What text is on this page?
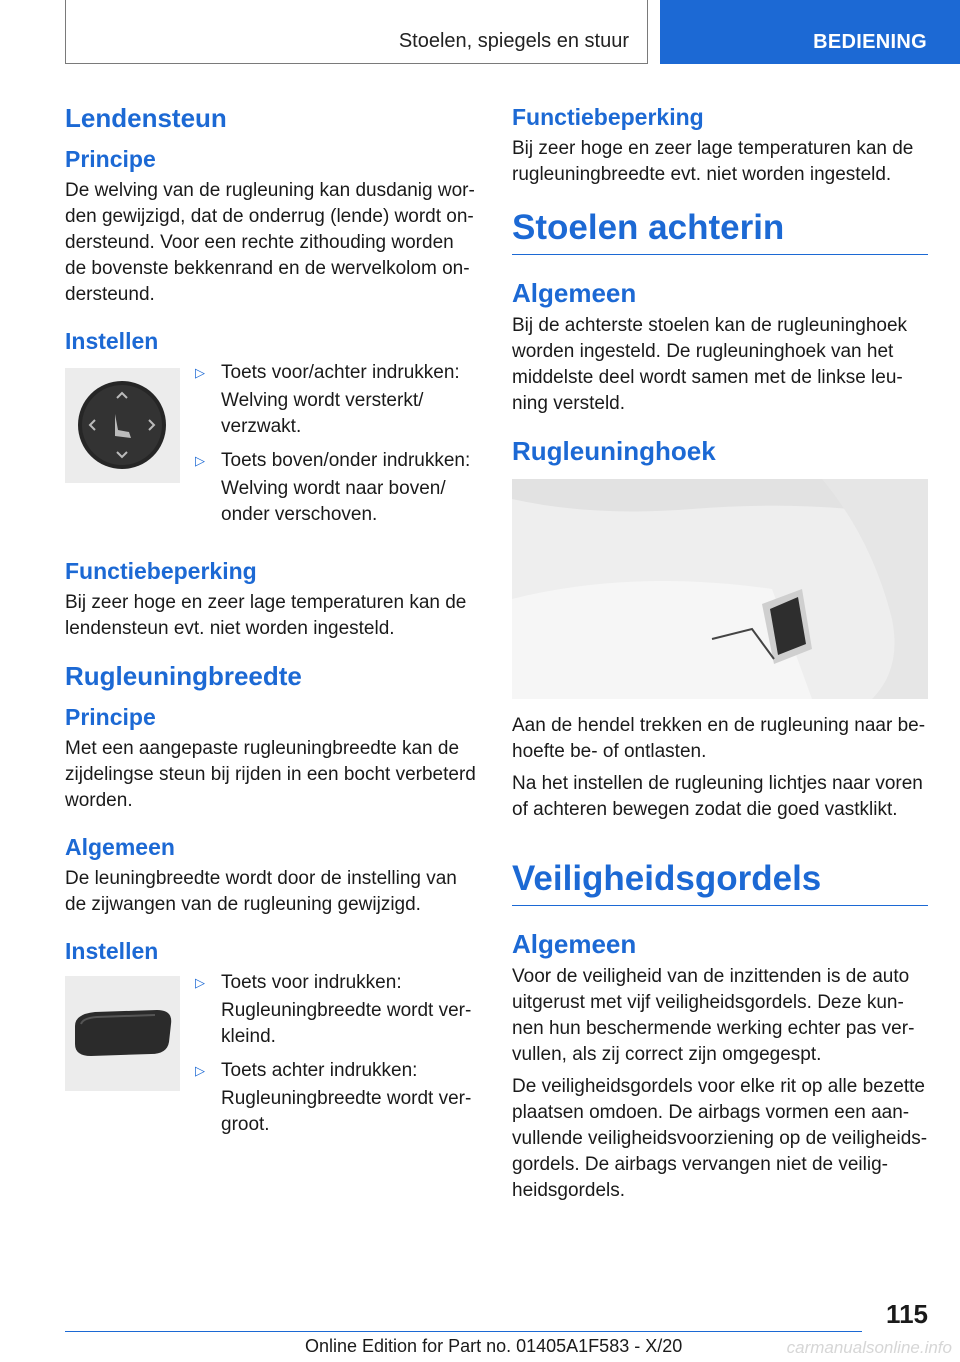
Stoelen, spiegels en stuur	BEDIENING
Lendensteun
Principe

De welving van de rugleuning kan dusdanig wor-den gewijzigd, dat de onderrug (lende) wordt on-dersteund. Voor een rechte zithouding worden de bovenste bekkenrand en de wervelkolom on-dersteund.

Instellen
▷ Toets voor/achter indrukken:
Welving wordt versterkt/ verzwakt.
▷ Toets boven/onder indrukken:
Welving wordt naar boven/ onder verschoven.
Functiebeperking

Bij zeer hoge en zeer lage temperaturen kan de lendensteun evt. niet worden ingesteld.

Rugleuningbreedte
Principe

Met een aangepaste rugleuningbreedte kan de zijdelingse steun bij rijden in een bocht verbeterd worden.

Algemeen

De leuningbreedte wordt door de instelling van de zijwangen van de rugleuning gewijzigd.

Instellen
▷ Toets voor indrukken:
Rugleuningbreedte wordt ver-kleind.
▷ Toets achter indrukken:
Rugleuningbreedte wordt ver-groot.
Functiebeperking

Bij zeer hoge en zeer lage temperaturen kan de rugleuningbreedte evt. niet worden ingesteld.

Stoelen achterin
Algemeen

Bij de achterste stoelen kan de rugleuninghoek worden ingesteld. De rugleuninghoek van het middelste deel wordt samen met de linkse leu-ning versteld.

Rugleuninghoek

Aan de hendel trekken en de rugleuning naar be-hoefte be- of ontlasten.

Na het instellen de rugleuning lichtjes naar voren of achteren bewegen zodat die goed vastklikt.

Veiligheidsgordels
Algemeen

Voor de veiligheid van de inzittenden is de auto uitgerust met vijf veiligheidsgordels. Deze kun-nen hun beschermende werking echter pas ver-vullen, als zij correct zijn omgegespt.

De veiligheidsgordels voor elke rit op alle bezette plaatsen omdoen. De airbags vormen een aan-vullende veiligheidsvoorziening op de veiligheids-gordels. De airbags vervangen niet de veilig-heidsgordels.

115
Online Edition for Part no. 01405A1F583 - X/20	carmanualsonline.info
